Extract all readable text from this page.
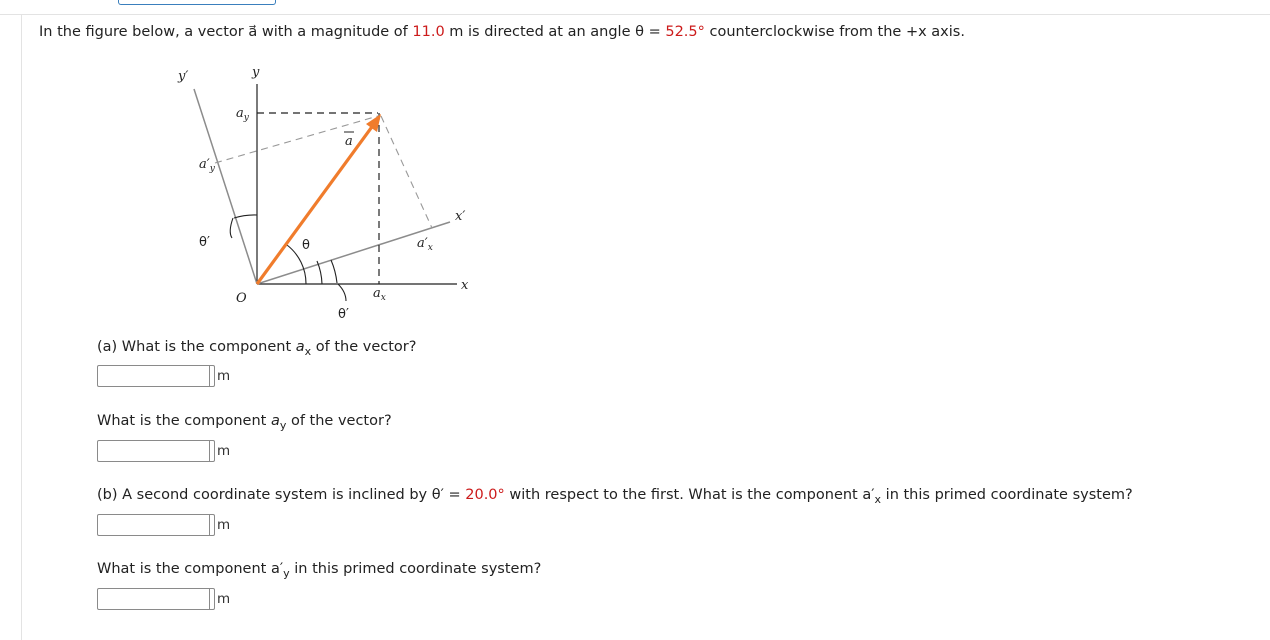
In the figure below, a vector a⃗ with a magnitude of 11.0 m is directed at an angle θ = 52.5° counterclockwise from the +x axis.
y′	y
$a_y$
a
$a'_y$
x′
θ′	θ	$a'_x$
x
O	$a_x$
θ′
(a) What is the component $a_x$ of the vector?
m
What is the component $a_y$ of the vector?
m
(b) A second coordinate system is inclined by θ′ = 20.0° with respect to the first. What is the component $a'_x$ in this primed coordinate system?
m
What is the component $a'_y$ in this primed coordinate system?
m
